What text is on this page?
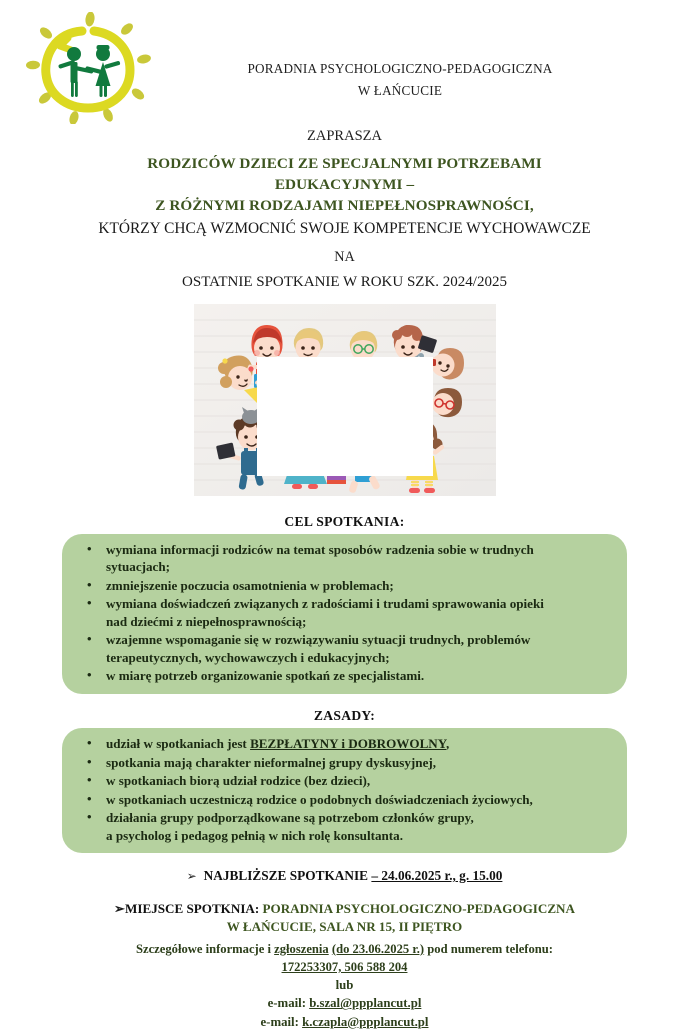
PORADNIA PSYCHOLOGICZNO-PEDAGOGICZNA
W ŁAŃCUCIE
ZAPRASZA
RODZICÓW DZIECI ZE SPECJALNYMI POTRZEBAMI
EDUKACYJNYMI –
Z RÓŻNYMI RODZAJAMI NIEPEŁNOSPRAWNOŚCI,
KTÓRZY CHCĄ WZMOCNIĆ SWOJE KOMPETENCJE WYCHOWAWCZE
NA
OSTATNIE SPOTKANIE W ROKU SZK. 2024/2025
CEL SPOTKANIA:
• wymiana informacji rodziców na temat sposobów radzenia sobie w trudnych
sytuacjach;
• zmniejszenie poczucia osamotnienia w problemach;
• wymiana doświadczeń związanych z radościami i trudami sprawowania opieki
nad dziećmi z niepełnosprawnością;
• wzajemne wspomaganie się w rozwiązywaniu sytuacji trudnych, problemów
terapeutycznych, wychowawczych i edukacyjnych;
• w miarę potrzeb organizowanie spotkań ze specjalistami.
ZASADY:
• udział w spotkaniach jest BEZPŁATYNY i DOBROWOLNY,
• spotkania mają charakter nieformalnej grupy dyskusyjnej,
• w spotkaniach biorą udział rodzice (bez dzieci),
• w spotkaniach uczestniczą rodzice o podobnych doświadczeniach życiowych,
• działania grupy podporządkowane są potrzebom członków grupy,
a psycholog i pedagog pełnią w nich rolę konsultanta.
➢ NAJBLIŻSZE SPOTKANIE – 24.06.2025 r., g. 15.00
➢MIEJSCE SPOTKNIA: PORADNIA PSYCHOLOGICZNO-PEDAGOGICZNA
W ŁAŃCUCIE, SALA NR 15, II PIĘTRO
Szczegółowe informacje i zgłoszenia (do 23.06.2025 r.) pod numerem telefonu:
172253307, 506 588 204
lub
e-mail: b.szal@ppplancut.pl
e-mail: k.czapla@ppplancut.pl
